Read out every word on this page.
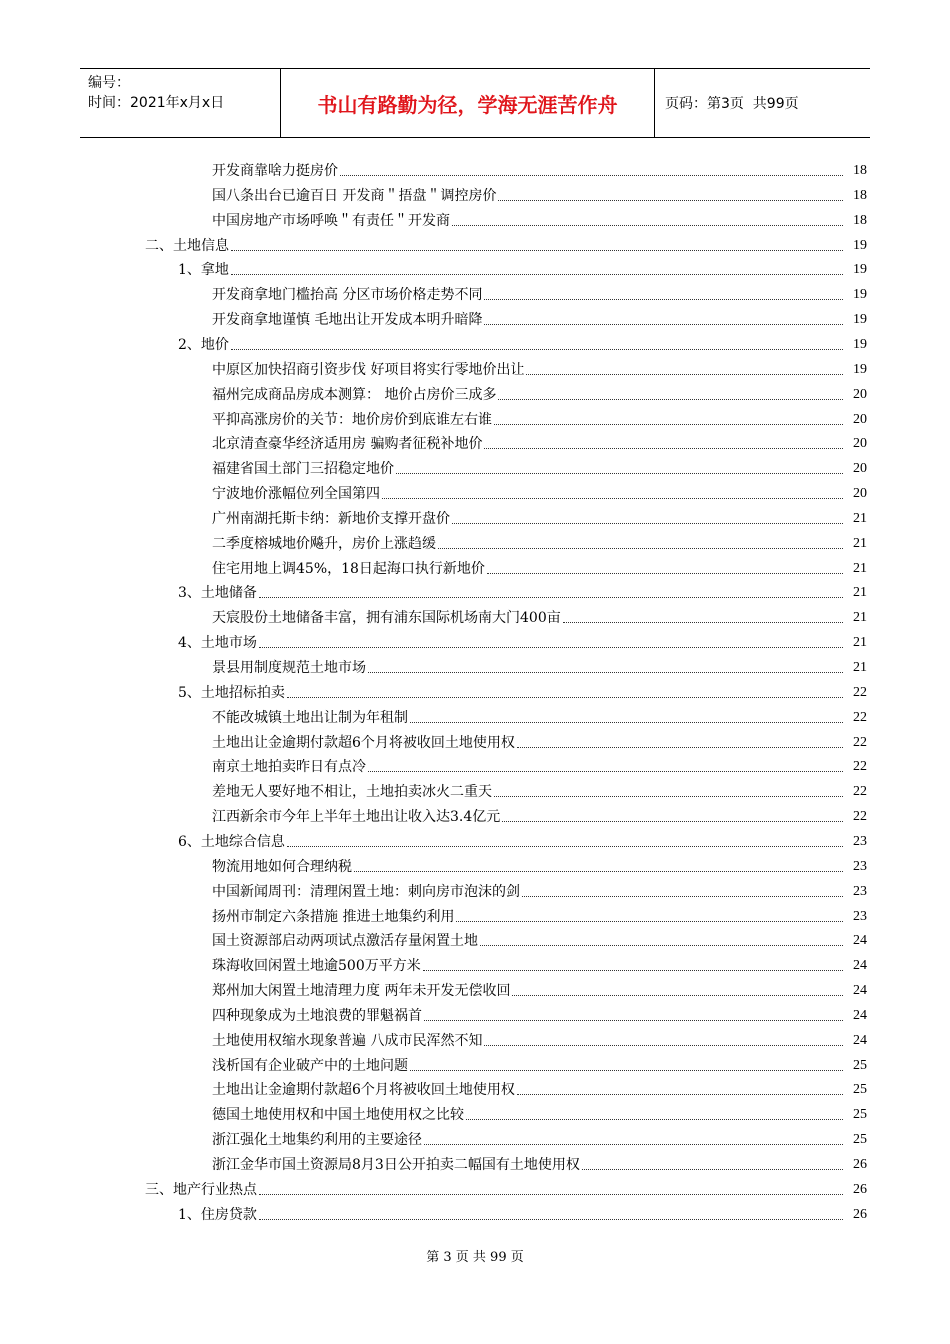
编号：
时间：2021年x月x日	书山有路勤为径，学海无涯苦作舟	页码：第3页  共99页
开发商靠啥力挺房价	18
国八条出台已逾百日 开发商＂捂盘＂调控房价	18
中国房地产市场呼唤＂有责任＂开发商	18
二、土地信息	19
1、拿地	19
开发商拿地门槛抬高 分区市场价格走势不同	19
开发商拿地谨慎 毛地出让开发成本明升暗降	19
2、地价	19
中原区加快招商引资步伐 好项目将实行零地价出让	19
福州完成商品房成本测算： 地价占房价三成多	20
平抑高涨房价的关节：地价房价到底谁左右谁	20
北京清查豪华经济适用房 骗购者征税补地价	20
福建省国土部门三招稳定地价	20
宁波地价涨幅位列全国第四	20
广州南湖托斯卡纳：新地价支撑开盘价	21
二季度榕城地价飚升，房价上涨趋缓	21
住宅用地上调45%，18日起海口执行新地价	21
3、土地储备	21
天宸股份土地储备丰富，拥有浦东国际机场南大门400亩	21
4、土地市场	21
景县用制度规范土地市场	21
5、土地招标拍卖	22
不能改城镇土地出让制为年租制	22
土地出让金逾期付款超6个月将被收回土地使用权	22
南京土地拍卖昨日有点冷	22
差地无人要好地不相让，土地拍卖冰火二重天	22
江西新余市今年上半年土地出让收入达3.4亿元	22
6、土地综合信息	23
物流用地如何合理纳税	23
中国新闻周刊：清理闲置土地：刺向房市泡沫的剑	23
扬州市制定六条措施 推进土地集约利用	23
国土资源部启动两项试点激活存量闲置土地	24
珠海收回闲置土地逾500万平方米	24
郑州加大闲置土地清理力度 两年未开发无偿收回	24
四种现象成为土地浪费的罪魁祸首	24
土地使用权缩水现象普遍 八成市民浑然不知	24
浅析国有企业破产中的土地问题	25
土地出让金逾期付款超6个月将被收回土地使用权	25
德国土地使用权和中国土地使用权之比较	25
浙江强化土地集约利用的主要途径	25
浙江金华市国土资源局8月3日公开拍卖二幅国有土地使用权	26
三、地产行业热点	26
1、住房贷款	26
第 3 页 共 99 页
